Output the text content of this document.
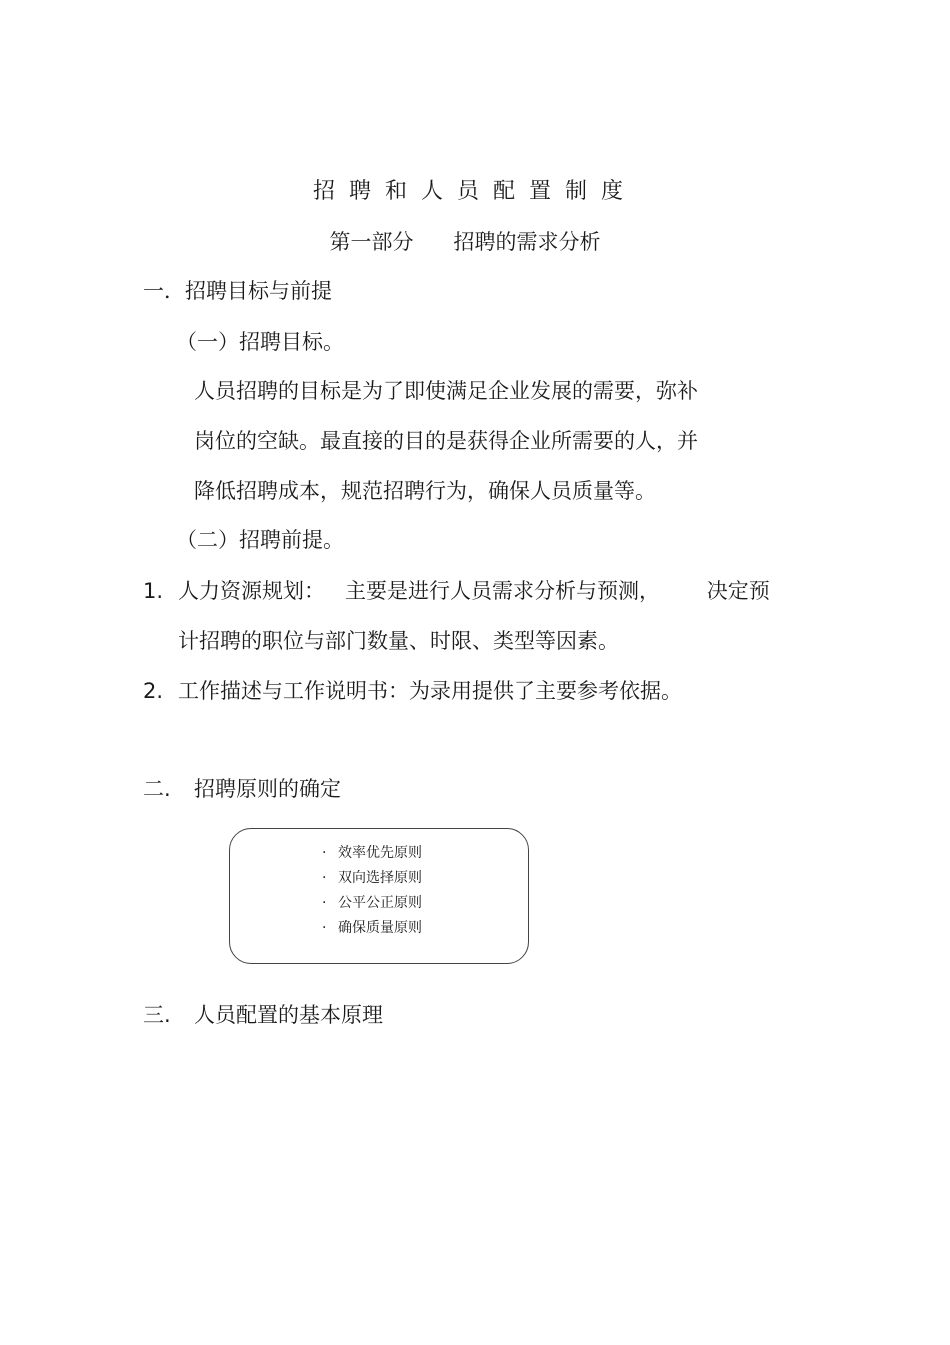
招聘和人员配置制度
第一部分      招聘的需求分析
一．招聘目标与前提
（一）招聘目标。
人员招聘的目标是为了即使满足企业发展的需要，弥补
岗位的空缺。最直接的目的是获得企业所需要的人，并
降低招聘成本，规范招聘行为，确保人员质量等。
（二）招聘前提。
1. 人力资源规划：   主要是进行人员需求分析与预测，       决定预
计招聘的职位与部门数量、时限、类型等因素。
2. 工作描述与工作说明书：为录用提供了主要参考依据。
二. 招聘原则的确定
· 效率优先原则
· 双向选择原则
· 公平公正原则
· 确保质量原则
三. 人员配置的基本原理
